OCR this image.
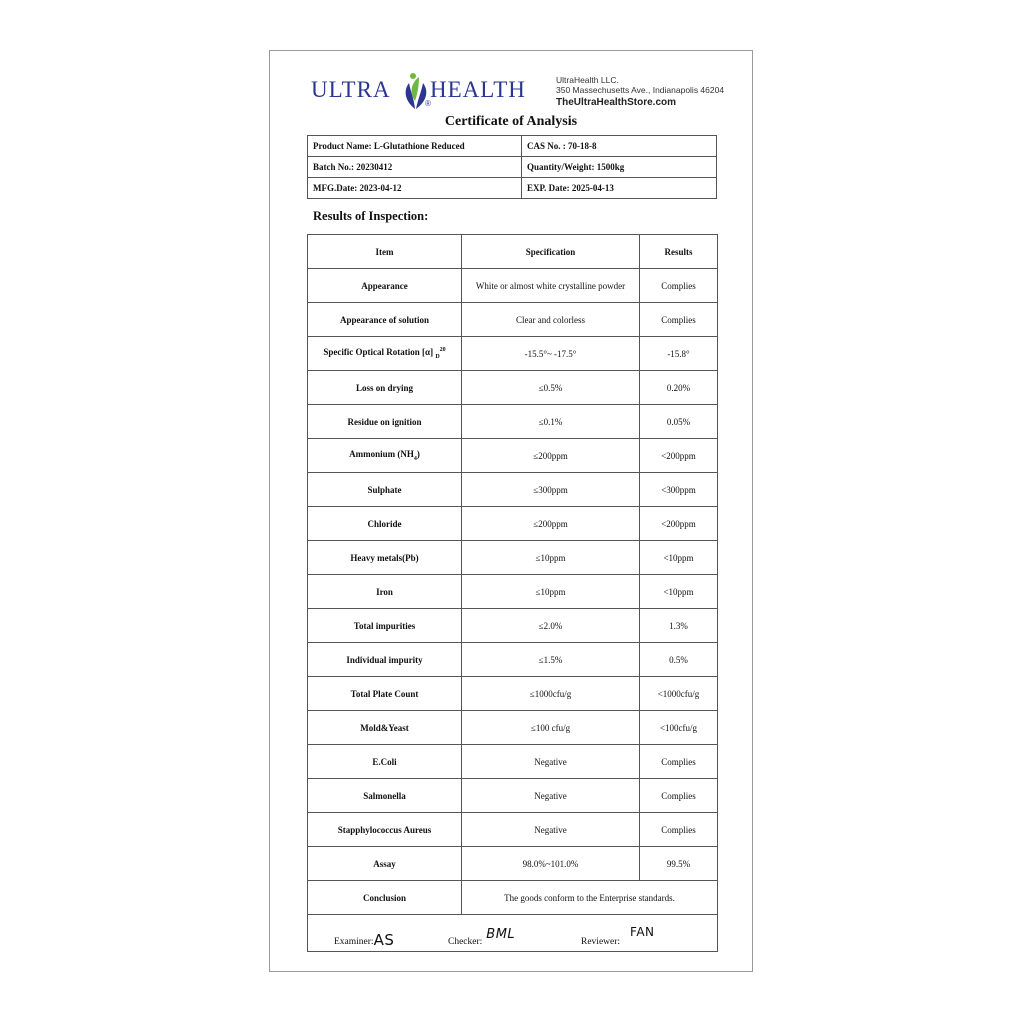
ULTRA
®
HEALTH	UltraHealth LLC.
350 Massechusetts Ave., Indianapolis 46204
TheUltraHealthStore.com
Certificate of Analysis
Product Name: L-Glutathione Reduced	CAS No. : 70-18-8
Batch No.: 20230412	Quantity/Weight: 1500kg
MFG.Date: 2023-04-12	EXP. Date: 2025-04-13
Results of Inspection:
Item	Specification	Results
Appearance	White or almost white crystalline powder	Complies
Appearance of solution	Clear and colorless	Complies
Specific Optical Rotation [α] $_D^{20}$	-15.5°~ -17.5°	-15.8°
Loss on drying	≤0.5%	0.20%
Residue on ignition	≤0.1%	0.05%
Ammonium $(NH_4)$	≤200ppm	<200ppm
Sulphate	≤300ppm	<300ppm
Chloride	≤200ppm	<200ppm
Heavy metals(Pb)	≤10ppm	<10ppm
Iron	≤10ppm	<10ppm
Total impurities	≤2.0%	1.3%
Individual impurity	≤1.5%	0.5%
Total Plate Count	≤1000cfu/g	<1000cfu/g
Mold&Yeast	≤100 cfu/g	<100cfu/g
E.Coli	Negative	Complies
Salmonella	Negative	Complies
Stapphylococcus Aureus	Negative	Complies
Assay	98.0%~101.0%	99.5%
Conclusion	The goods conform to the Enterprise standards.	
Examiner:AS Checker: BML Reviewer:FAN		
